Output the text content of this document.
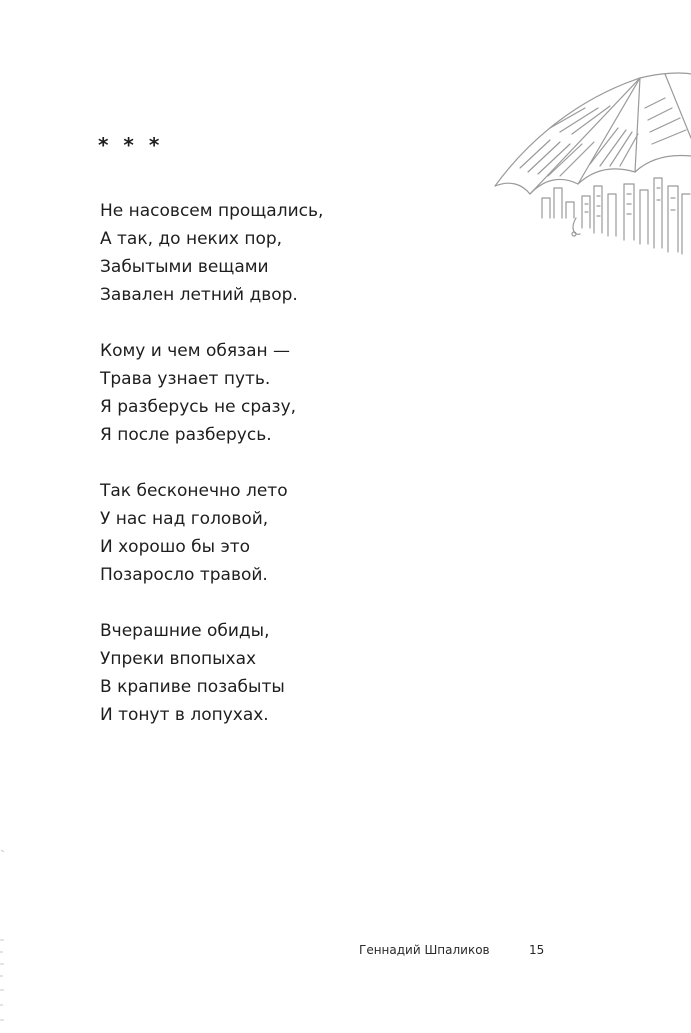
* * *
Не насовсем прощались,
А так, до неких пор,
Забытыми вещами
Завален летний двор.
Кому и чем обязан —
Трава узнает путь.
Я разберусь не сразу,
Я после разберусь.
Так бесконечно лето
У нас над головой,
И хорошо бы это
Позаросло травой.
Вчерашние обиды,
Упреки впопыхах
В крапиве позабыты
И тонут в лопухах.
Геннадий Шпаликов	15
